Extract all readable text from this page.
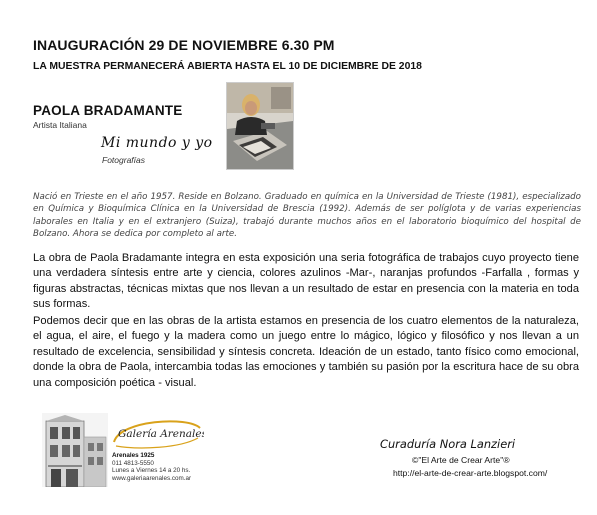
INAUGURACIÓN 29 DE NOVIEMBRE 6.30 PM
LA MUESTRA PERMANECERÁ ABIERTA HASTA EL 10 DE DICIEMBRE DE 2018
PAOLA BRADAMANTE
Artista Italiana
Mi mundo y yo
Fotografías
Nació en Trieste en el año 1957. Reside en Bolzano. Graduado en química en la Universidad de Trieste (1981), especializado en Química y Bioquímica Clínica en la Universidad de Brescia (1992). Además de ser políglota y de varias experiencias laborales en Italia y en el extranjero (Suiza), trabajó durante muchos años en el laboratorio bioquímico del hospital de Bolzano. Ahora se dedica por completo al arte.
La obra de Paola Bradamante integra en esta exposición una seria fotográfica de trabajos cuyo proyecto tiene una verdadera síntesis entre arte y ciencia, colores azulinos -Mar-, naranjas profundos -Farfalla , formas y figuras abstractas, técnicas mixtas que nos llevan a un resultado de estar en presencia con la materia en toda sus formas.
Podemos decir que en las obras de la artista estamos en presencia de los cuatro elementos de la naturaleza, el agua, el aire, el fuego y la madera como un juego entre lo mágico, lógico y filosófico y nos llevan a un resultado de excelencia, sensibilidad y síntesis concreta. Ideación de un estado, tanto físico como emocional, donde la obra de Paola, intercambia todas las emociones y también su pasión por la escritura hace de su obra una composición poética - visual.
Galería Arenales
Arenales 1925
011 4813-5550
Lunes a Viernes 14 a 20 hs.
www.galeriaarenales.com.ar
Curaduría Nora Lanzieri
©"El Arte de Crear Arte"®
http://el-arte-de-crear-arte.blogspot.com/
